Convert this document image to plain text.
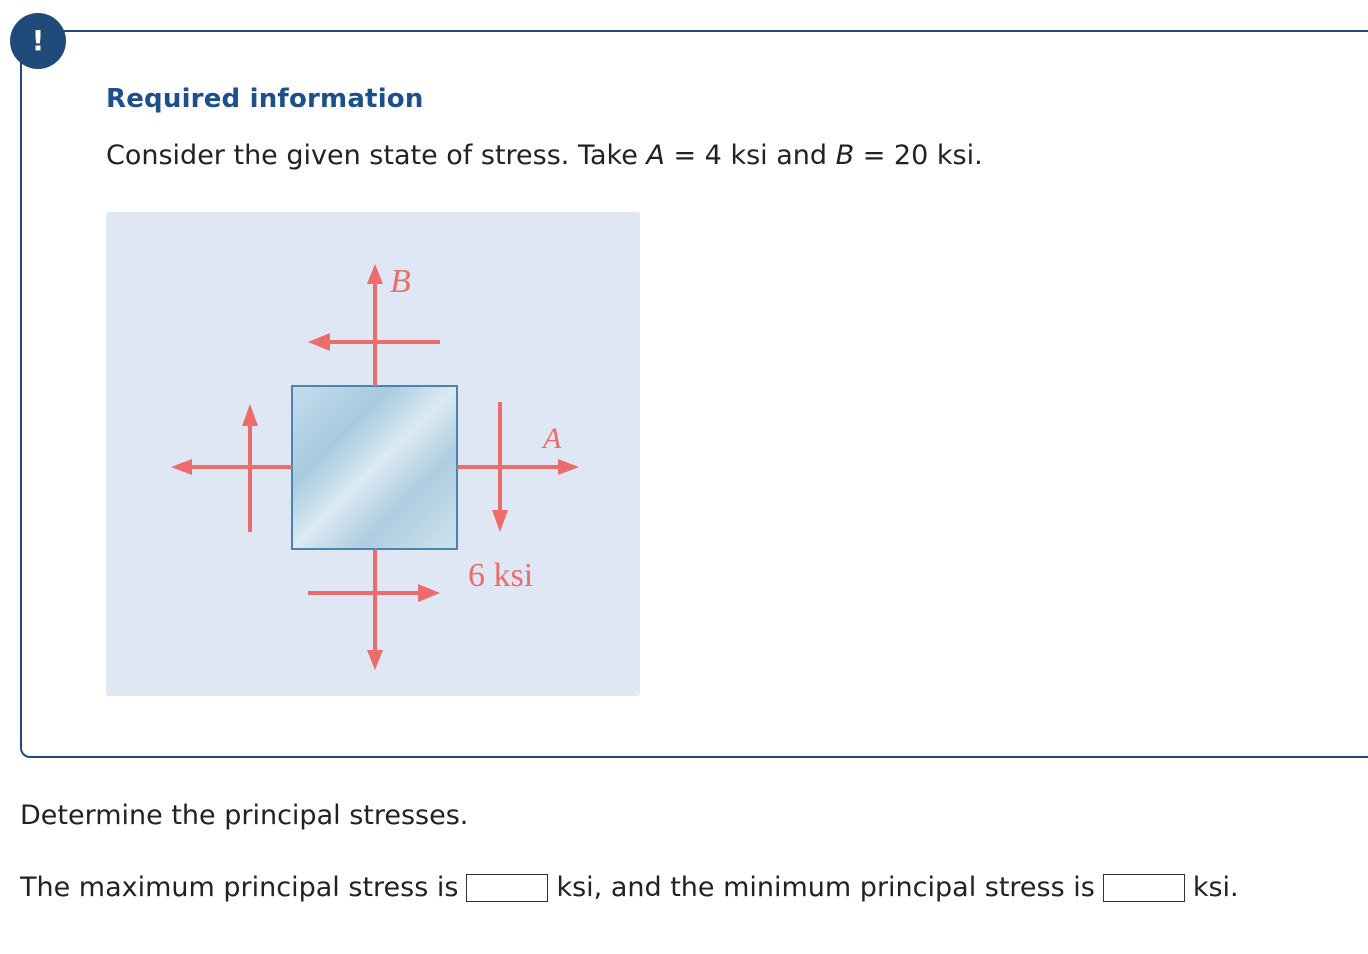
!
Required information

Consider the given state of stress. Take A = 4 ksi and B = 20 ksi.

B
A
6 ksi

Determine the principal stresses.

The maximum principal stress is	ksi, and the minimum principal stress is	ksi.
